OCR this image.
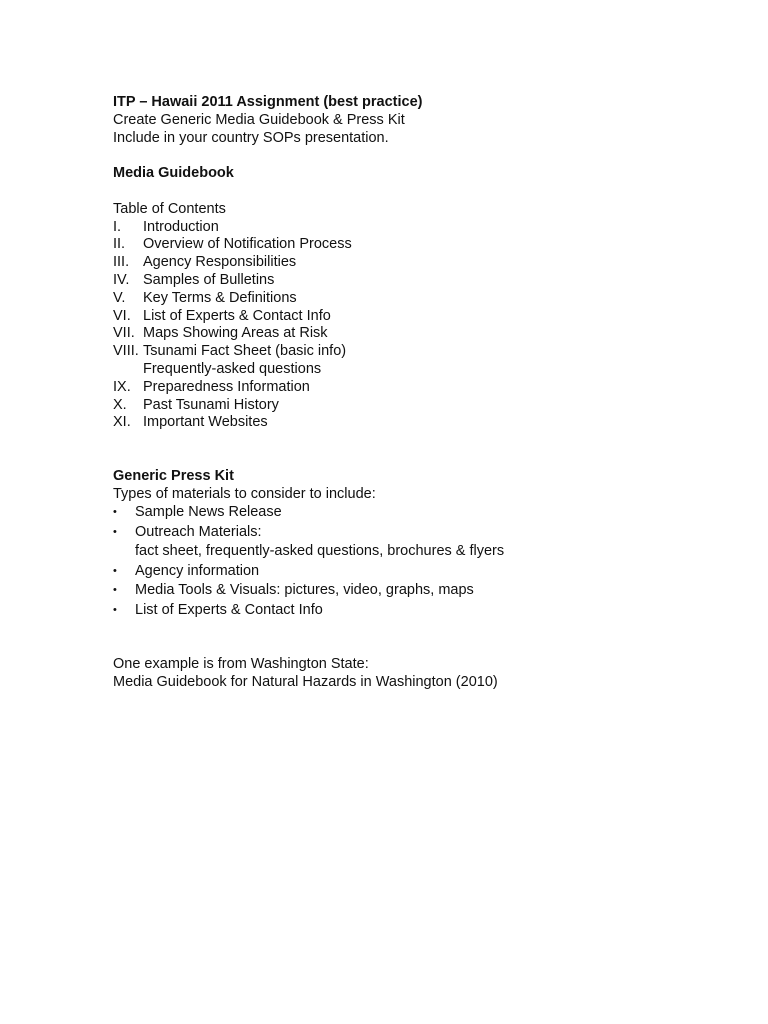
ITP – Hawaii 2011 Assignment (best practice)
Create Generic Media Guidebook & Press Kit
Include in your country SOPs presentation.
Media Guidebook
Table of Contents
I. Introduction
II. Overview of Notification Process
III. Agency Responsibilities
IV. Samples of Bulletins
V. Key Terms & Definitions
VI. List of Experts & Contact Info
VII. Maps Showing Areas at Risk
VIII. Tsunami Fact Sheet (basic info)
Frequently-asked questions
IX. Preparedness Information
X. Past Tsunami History
XI. Important Websites
Generic Press Kit
Types of materials to consider to include:
• Sample News Release
• Outreach Materials:
fact sheet, frequently-asked questions, brochures & flyers
• Agency information
• Media Tools & Visuals: pictures, video, graphs, maps
• List of Experts & Contact Info
One example is from Washington State:
Media Guidebook for Natural Hazards in Washington (2010)
